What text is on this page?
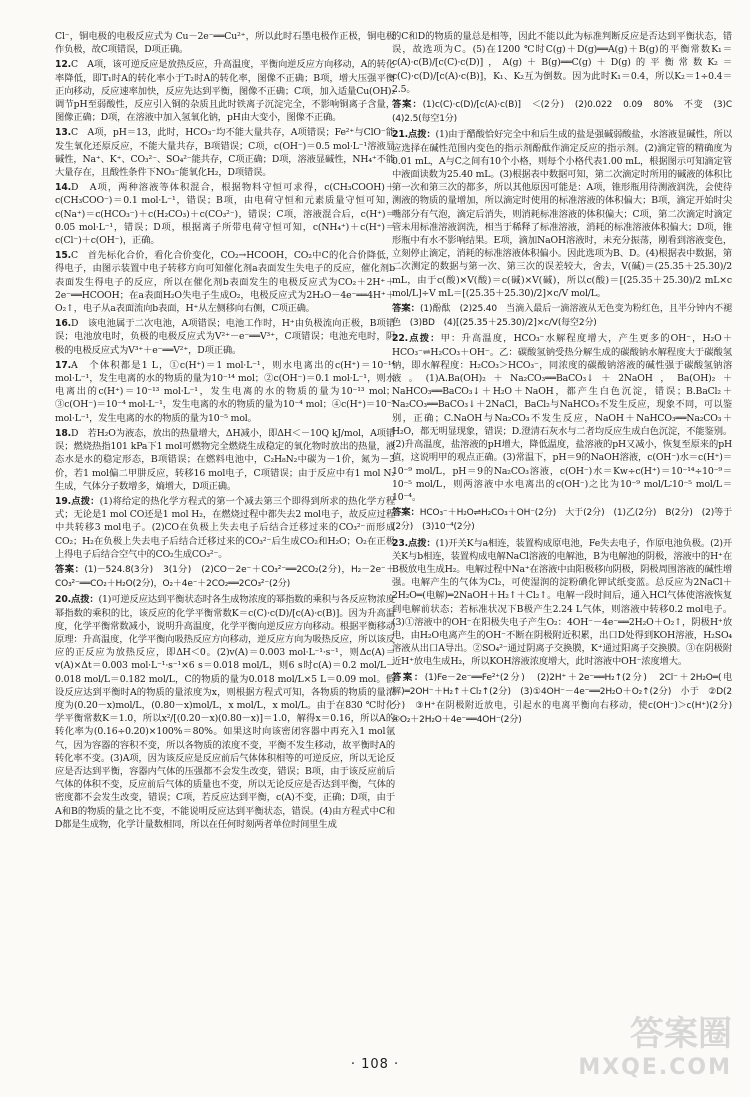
Cl⁻，铜电极的电极反应式为 Cu－2e⁻══Cu²⁺，所以此时石墨电极作正极，铜电极作负极，故C项错误，D项正确。
12.C　A项，该可逆反应是放热反应，升高温度，平衡向逆反应方向移动，A的转化率降低，即T₁时A的转化率小于T₂时A的转化率，图像不正确；B项，增大压强平衡正向移动，反应速率加快，反应先达到平衡，图像不正确；C项，加入适量Cu(OH)₂调节pH至弱酸性，反应引入铜的杂质且此时铁离子沉淀完全，不影响铜离子含量，图像正确；D项，在溶液中加入氢氧化钠，pH由大变小，图像不正确。
13.C　A项，pH＝13，此时，HCO₃⁻均不能大量共存，A项错误；Fe²⁺与ClO⁻能发生氧化还原反应，不能大量共存，B项错误；C项，c(OH⁻)＝0.5 mol·L⁻¹溶液显碱性，Na⁺、K⁺、CO₃²⁻、SO₄²⁻能共存，C项正确；D项，溶液显碱性，NH₄⁺不能大量存在，且酸性条件下NO₃⁻能氧化H₂，D项错误。
14.D　A项，两种溶液等体积混合，根据物料守恒可求得，c(CH₃COOH)＋c(CH₃COO⁻)＝0.1 mol·L⁻¹，错误；B项，由电荷守恒和元素质量守恒可知，c(Na⁺)＝c(HCO₃⁻)＋c(H₂CO₃)＋c(CO₃²⁻)，错误；C项，溶液混合后，c(H⁺)＝0.05 mol·L⁻¹，错误；D项，根据离子所带电荷守恒可知，c(NH₄⁺)＋c(H⁺)＝c(Cl⁻)＋c(OH⁻)，正确。
15.C　首先标化合价，看化合价变化，CO₂→HCOOH，CO₂中C的化合价降低，得电子，由图示装置中电子转移方向可知催化剂a表面发生失电子的反应，催化剂b表面发生得电子的反应，所以在催化剂b表面发生的电极反应式为CO₂＋2H⁺＋2e⁻══HCOOH；在a表面H₂O失电子生成O₂，电极反应式为2H₂O－4e⁻══4H⁺＋O₂↑，电子从a表面流向b表面，H⁺从左侧移向右侧，C项正确。
16.D　该电池属于二次电池，A项错误；电池工作时，H⁺由负极流向正极，B项错误；电池放电时，负极的电极反应式为V²⁺－e⁻══V³⁺，C项错误；电池充电时，阴极的电极反应式为V³⁺＋e⁻══V²⁺，D项正确。
17.A　个体积都是1 L，①c(H⁺)＝1 mol·L⁻¹，则水电离出的c(H⁺)＝10⁻¹⁴ mol·L⁻¹，发生电离的水的物质的量为10⁻¹⁴ mol；②c(OH⁻)＝0.1 mol·L⁻¹，则水电离出的c(H⁺)＝10⁻¹³ mol·L⁻¹，发生电离的水的物质的量为10⁻¹³ mol；③c(OH⁻)＝10⁻⁴ mol·L⁻¹，发生电离的水的物质的量为10⁻⁴ mol；④c(H⁺)＝10⁻⁵ mol·L⁻¹，发生电离的水的物质的量为10⁻⁵ mol。
18.D　若H₂O为液态，放出的热量增大，ΔH减小，即ΔH＜－10Q kJ/mol，A项错误；燃烧热指101 kPa下1 mol可燃物完全燃烧生成稳定的氧化物时放出的热量，液态水是水的稳定形态，B项错误；在燃料电池中，C₂H₈N₂中碳为－1价，氮为－3价，若1 mol偏二甲肼反应，转移16 mol电子，C项错误；由于反应中有1 mol N₂生成，气体分子数增多，熵增大，D项正确。
19.点拨：(1)将给定的热化学方程式的第一个减去第三个即得到所求的热化学方程式；无论是1 mol CO还是1 mol H₂，在燃烧过程中都失去2 mol电子，故反应过程中共转移3 mol电子。(2)CO在负极上失去电子后结合迁移过来的CO₃²⁻而形成CO₂；H₂在负极上失去电子后结合迁移过来的CO₃²⁻后生成CO₂和H₂O；O₂在正极上得电子后结合空气中的CO₂生成CO₃²⁻。
答案：(1)－524.8(3分)　3(1分)　(2)CO－2e⁻＋CO₃²⁻══2CO₂(2分)，H₂－2e⁻＋CO₃²⁻══CO₂＋H₂O(2分)，O₂＋4e⁻＋2CO₂══2CO₃²⁻(2分)
20.点拨：(1)可逆反应达到平衡状态时各生成物浓度的幂指数的乘积与各反应物浓度幂指数的乘积的比，该反应的化学平衡常数K＝c(C)·c(D)/[c(A)·c(B)]。因为升高温度，化学平衡常数减小，说明升高温度，化学平衡向逆反应方向移动。根据平衡移动原理：升高温度，化学平衡向吸热反应方向移动，逆反应方向为吸热反应，所以该反应的正反应为放热反应，即ΔH＜0。(2)v(A)＝0.003 mol·L⁻¹·s⁻¹，则Δc(A)＝v(A)×Δt＝0.003 mol·L⁻¹·s⁻¹×6 s＝0.018 mol/L，则6 s时c(A)＝0.2 mol/L－0.018 mol/L＝0.182 mol/L，C的物质的量为0.018 mol/L×5 L＝0.09 mol。假设反应达到平衡时A的物质的量浓度为x，则根据方程式可知，各物质的物质的量浓度为(0.20－x)mol/L，(0.80－x)mol/L，x mol/L，x mol/L。由于在830 ℃时化学平衡常数K＝1.0，所以x²/[(0.20－x)(0.80－x)]＝1.0，解得x＝0.16，所以A的转化率为(0.16÷0.20)×100%＝80%。如果这时向该密闭容器中再充入1 mol氩气，因为容器的容积不变，所以各物质的浓度不变，平衡不发生移动，故平衡时A的转化率不变。(3)A项，因为该反应是反应前后气体体积相等的可逆反应，所以无论反应是否达到平衡，容器内气体的压强都不会发生改变，错误；B项，由于该反应前后气体的体积不变，反应前后气体的质量也不变，所以无论反应是否达到平衡，气体的密度都不会发生改变，错误；C项，若反应达到平衡，c(A)不变，正确；D项，由于A和B的物质的量之比不变，不能说明反应达到平衡状态，错误。(4)由方程式中C和D都是生成物，化学计量数相同，所以在任何时刻两者单位时间里生成
的C和D的物质的量总是相等，因此不能以此为标准判断反应是否达到平衡状态，错误，故选项为C。(5)在1200 ℃时C(g)＋D(g)══A(g)＋B(g)的平衡常数K₁＝c(A)·c(B)/[c(C)·c(D)]，A(g)＋B(g)══C(g)＋D(g)的平衡常数K₂＝c(C)·c(D)/[c(A)·c(B)]，K₁、K₂互为倒数。因为此时K₁＝0.4，所以K₂＝1÷0.4＝2.5。
答案：(1)c(C)·c(D)/[c(A)·c(B)]　＜(2分)　(2)0.022　0.09　80%　不变　(3)C　(4)2.5(每空1分)
21.点拨：(1)由于醋酸恰好完全中和后生成的盐是强碱弱酸盐，水溶液显碱性，所以应选择在碱性范围内变色的指示剂酚酞作滴定反应的指示剂。(2)滴定管的精确度为0.01 mL，A与C之间有10个小格，则每个小格代表1.00 mL，根据图示可知滴定管中液面读数为25.40 mL。(3)根据表中数据可知，第二次滴定时所用的碱液的体积比第一次和第三次的都多，所以其他原因可能是：A项，锥形瓶用待测液润洗，会使待测液的物质的量增加，所以滴定时使用的标准溶液的体积偏大；B项，滴定开始时尖嘴部分有气泡，滴定后消失，则消耗标准溶液的体积偏大；C项，第二次滴定时滴定管未用标准溶液润洗，相当于稀释了标准溶液，消耗的标准溶液体积偏大；D项，锥形瓶中有水不影响结果。E项，滴加NaOH溶液时，未充分振荡，刚看到溶液变色，立刻停止滴定，消耗的标准溶液体积偏小。因此选项为B、D。(4)根据表中数据，第二次测定的数据与第一次、第三次的误差较大，舍去，V(碱)＝(25.35＋25.30)/2 mL，由于c(酸)×V(酸)＝c(碱)×V(碱)，所以c(酸)＝[(25.35＋25.30)/2 mL×c mol/L]÷V mL＝[(25.35＋25.30)/2]×c/V mol/L。
答案：(1)酚酞　(2)25.40　当滴入最后一滴溶液从无色变为粉红色，且半分钟内不褪色　(3)BD　(4)[(25.35＋25.30)/2]×c/V(每空2分)
22.点拨：甲：升高温度，HCO₃⁻水解程度增大，产生更多的OH⁻，H₂O＋HCO₃⁻⇌H₂CO₃＋OH⁻。乙：碳酸氢钠受热分解生成的碳酸钠水解程度大于碳酸氢钠，即水解程度：H₂CO₃＞HCO₃⁻，同浓度的碳酸钠溶液的碱性强于碳酸氢钠溶液。(1)A.Ba(OH)₂＋Na₂CO₃══BaCO₃↓＋2NaOH，Ba(OH)₂＋NaHCO₃══BaCO₃↓＋H₂O＋NaOH，都产生白色沉淀，错误；B.BaCl₂＋Na₂CO₃══BaCO₃↓＋2NaCl，BaCl₂与NaHCO₃不发生反应，现象不同，可以鉴别，正确；C.NaOH与Na₂CO₃不发生反应，NaOH＋NaHCO₃══Na₂CO₃＋H₂O，都无明显现象，错误；D.澄清石灰水与二者均反应生成白色沉淀，不能鉴别。(2)升高温度，盐溶液的pH增大，降低温度，盐溶液的pH又减小，恢复至原来的pH值，这说明甲的观点正确。(3)常温下，pH＝9的NaOH溶液，c(OH⁻)水＝c(H⁺)＝10⁻⁹ mol/L，pH＝9的Na₂CO₃溶液，c(OH⁻)水＝Kw÷c(H⁺)＝10⁻¹⁴÷10⁻⁹＝10⁻⁵ mol/L，则两溶液中水电离出的c(OH⁻)之比为10⁻⁹ mol/L∶10⁻⁵ mol/L＝10⁻⁴。
答案：HCO₃⁻＋H₂O⇌H₂CO₃＋OH⁻(2分)　大于(2分)　(1)乙(2分)　B(2分)　(2)等于(2分)　(3)10⁻⁴(2分)
23.点拨：(1)开关K与a相连，装置构成原电池，Fe失去电子，作原电池负极。(2)开关K与b相连，装置构成电解NaCl溶液的电解池，B为电解池的阴极，溶液中的H⁺在B极放电生成H₂。电解过程中Na⁺在溶液中由阳极移向阴极，阴极周围溶液的碱性增强。电解产生的气体为Cl₂，可使湿润的淀粉碘化钾试纸变蓝。总反应为2NaCl＋2H₂O═(电解)═2NaOH＋H₂↑＋Cl₂↑。电解一段时间后，通入HCl气体使溶液恢复到电解前状态；若标准状况下B极产生2.24 L气体，则溶液中转移0.2 mol电子。(3)①溶液中的OH⁻在阳极失电子产生O₂：4OH⁻－4e⁻══2H₂O＋O₂↑，阴极H⁺放电，由H₂O电离产生的OH⁻不断在阴极附近积累，出口D处得到KOH溶液，H₂SO₄溶液从出口A导出。②SO₄²⁻通过阴离子交换膜，K⁺通过阳离子交换膜。③在阴极附近H⁺放电生成H₂，所以KOH溶液浓度增大，此时溶液中OH⁻浓度增大。
答案：(1)Fe－2e⁻══Fe²⁺(2分)　(2)2H⁺＋2e⁻══H₂↑(2分)　2Cl⁻＋2H₂O═(电解)═2OH⁻＋H₂↑＋Cl₂↑(2分)　(3)①4OH⁻－4e⁻══2H₂O＋O₂↑(2分)　小于　②D(2分)　③H⁺在阴极附近放电，引起水的电离平衡向右移动，使c(OH⁻)＞c(H⁺)(2分)　④O₂＋2H₂O＋4e⁻══4OH⁻(2分)
· 108 ·
答案圈
MXQE.COM
